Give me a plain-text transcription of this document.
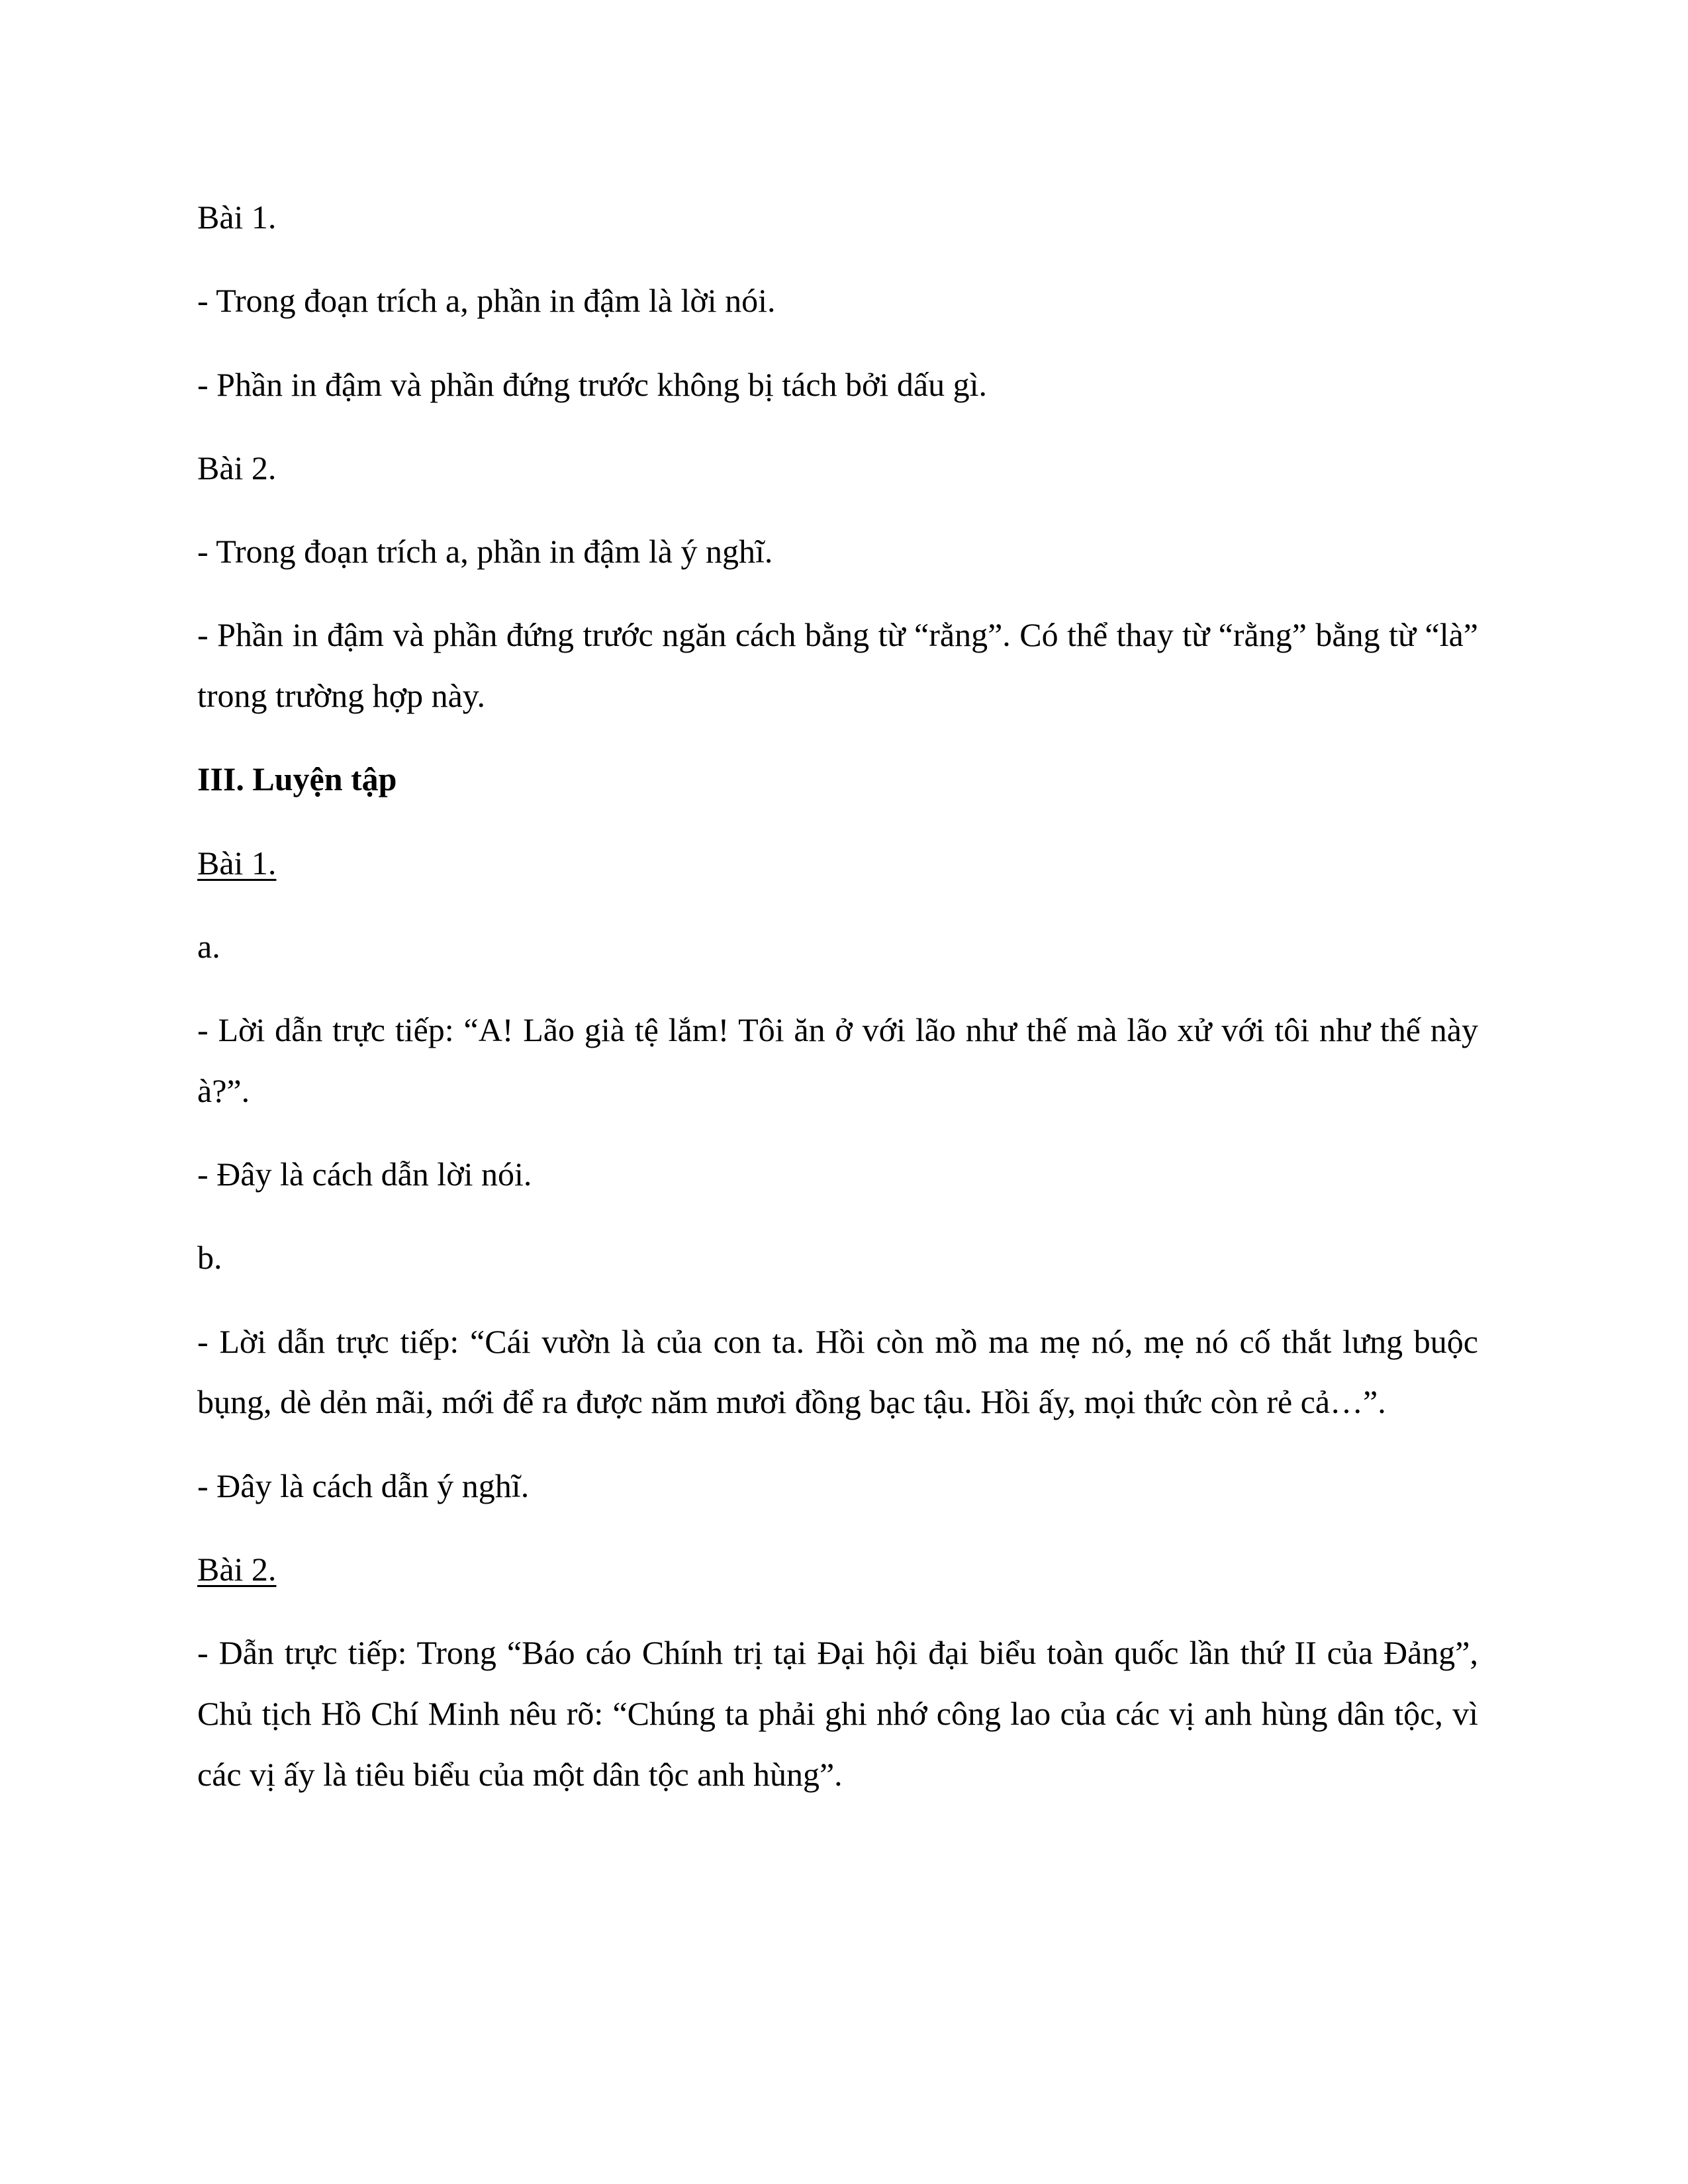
Bài 1.

- Trong đoạn trích a, phần in đậm là lời nói.

- Phần in đậm và phần đứng trước không bị tách bởi dấu gì.

Bài 2.

- Trong đoạn trích a, phần in đậm là ý nghĩ.

- Phần in đậm và phần đứng trước ngăn cách bằng từ “rằng”. Có thể thay từ “rằng” bằng từ “là”

trong trường hợp này.

III. Luyện tập

Bài 1.

a.

- Lời dẫn trực tiếp: “A! Lão già tệ lắm! Tôi ăn ở với lão như thế mà lão xử với tôi như thế này

à?”.

- Đây là cách dẫn lời nói.

b.

- Lời dẫn trực tiếp: “Cái vườn là của con ta. Hồi còn mồ ma mẹ nó, mẹ nó cố thắt lưng buộc

bụng, dè dẻn mãi, mới để ra được năm mươi đồng bạc tậu. Hồi ấy, mọi thức còn rẻ cả…”.

- Đây là cách dẫn ý nghĩ.

Bài 2.

- Dẫn trực tiếp: Trong “Báo cáo Chính trị tại Đại hội đại biểu toàn quốc lần thứ II của Đảng”,

Chủ tịch Hồ Chí Minh nêu rõ: “Chúng ta phải ghi nhớ công lao của các vị anh hùng dân tộc, vì

các vị ấy là tiêu biểu của một dân tộc anh hùng”.
